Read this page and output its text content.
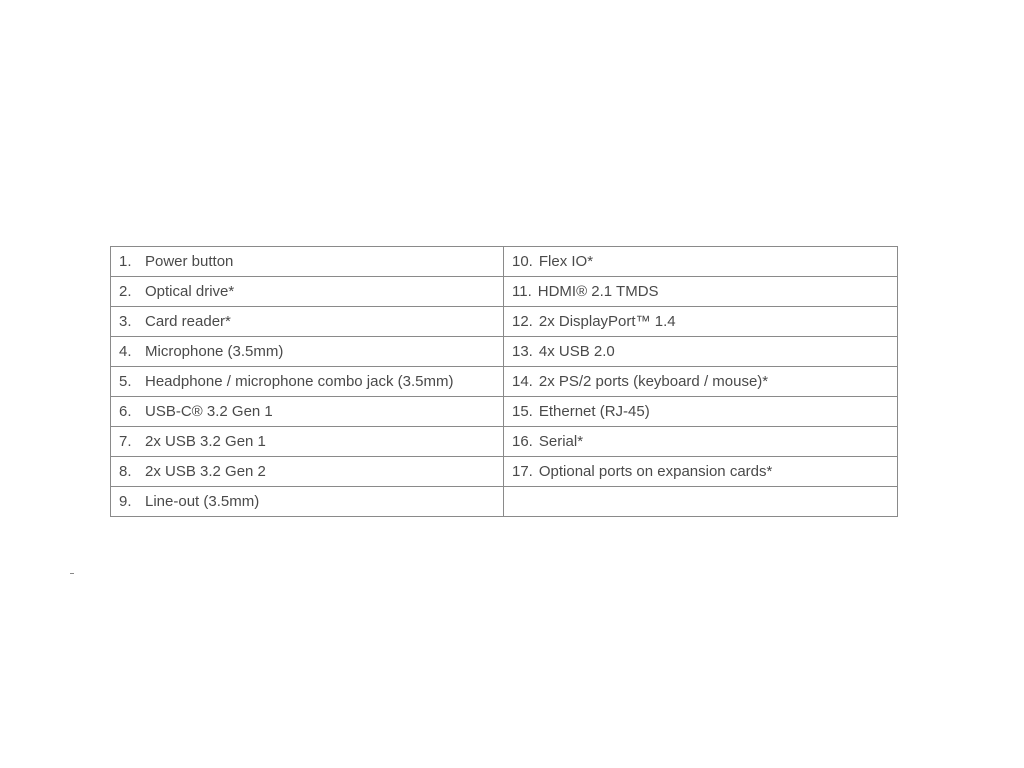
1. Power button	10. Flex IO*
2. Optical drive*	11. HDMI® 2.1 TMDS
3. Card reader*	12. 2x DisplayPort™ 1.4
4. Microphone (3.5mm)	13. 4x USB 2.0
5. Headphone / microphone combo jack (3.5mm)	14. 2x PS/2 ports (keyboard / mouse)*
6. USB-C® 3.2 Gen 1	15. Ethernet (RJ-45)
7. 2x USB 3.2 Gen 1	16. Serial*
8. 2x USB 3.2 Gen 2	17. Optional ports on expansion cards*
9. Line-out (3.5mm)	
